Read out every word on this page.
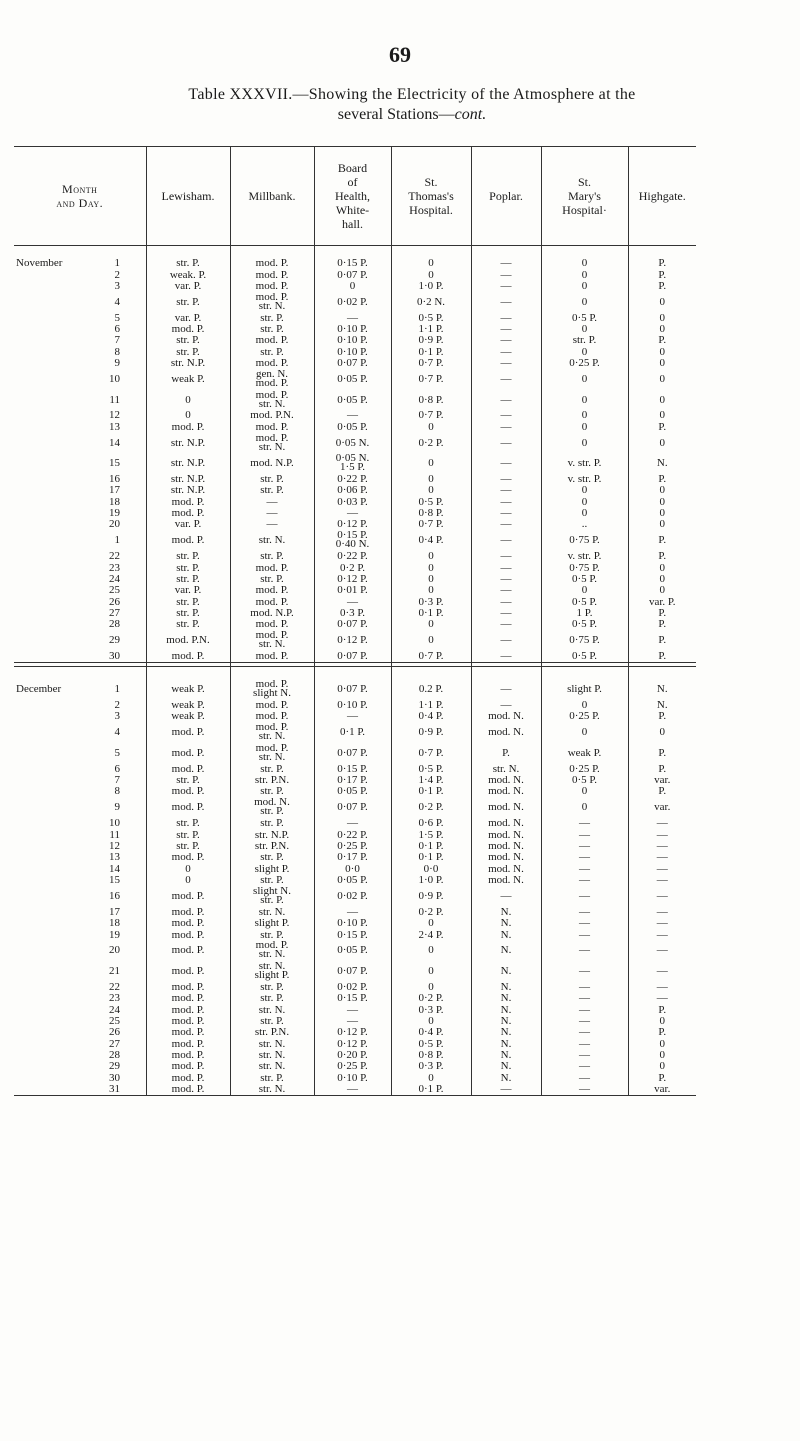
69
Table XXXVII.—Showing the Electricity of the Atmosphere at the
several Stations—cont.
Month
and Day.	Lewisham.	Millbank.	Board
of
Health,
White-
hall.	St.
Thomas's
Hospital.	Poplar.	St.
Mary's
Hospital·	Highgate.

November 1	str. P.	mod. P.	0·15 P.	0	—	0	P.
2	weak. P.	mod. P.	0·07 P.	0	—	0	P.
3	var. P.	mod. P.	0	1·0 P.	—	0	P.
4	str. P.	mod. P.
str. N.	0·02 P.	0·2 N.	—	0	0
5	var. P.	str. P.	—	0·5 P.	—	0·5 P.	0
6	mod. P.	str. P.	0·10 P.	1·1 P.	—	0	0
7	str. P.	mod. P.	0·10 P.	0·9 P.	—	str. P.	P.
8	str. P.	str. P.	0·10 P.	0·1 P.	—	0	0
9	str. N.P.	mod. P.	0·07 P.	0·7 P.	—	0·25 P.	0
10	weak P.	gen. N.
mod. P.	0·05 P.	0·7 P.	—	0	0
11	0	mod. P.
str. N.	0·05 P.	0·8 P.	—	0	0
12	0	mod. P.N.	—	0·7 P.	—	0	0
13	mod. P.	mod. P.	0·05 P.	0	—	0	P.
14	str. N.P.	mod. P.
str. N.	0·05 N.	0·2 P.	—	0	0
15	str. N.P.	mod. N.P.	0·05 N.
1·5 P.	0	—	v. str. P.	N.
16	str. N.P.	str. P.	0·22 P.	0	—	v. str. P.	P.
17	str. N.P.	str. P.	0·06 P.	0	—	0	0
18	mod. P.	—	0·03 P.	0·5 P.	—	0	0
19	mod. P.	—	—	0·8 P.	—	0	0
20	var. P.	—	0·12 P.	0·7 P.	—	..	0
1	mod. P.	str. N.	0·15 P.
0·40 N.	0·4 P.	—	0·75 P.	P.
22	str. P.	str. P.	0·22 P.	0	—	v. str. P.	P.
23	str. P.	mod. P.	0·2 P.	0	—	0·75 P.	0
24	str. P.	str. P.	0·12 P.	0	—	0·5 P.	0
25	var. P.	mod. P.	0·01 P.	0	—	0	0
26	str. P.	mod. P.	—	0·3 P.	—	0·5 P.	var. P.
27	str. P.	mod. N.P.	0·3 P.	0·1 P.	—	1 P.	P.
28	str. P.	mod. P.	0·07 P.	0	—	0·5 P.	P.
29	mod. P.N.	mod. P.
str. N.	0·12 P.	0	—	0·75 P.	P.
30	mod. P.	mod. P.	0·07 P.	0·7 P.	—	0·5 P.	P.

December 1	weak P.	mod. P.
slight N.	0·07 P.	0.2 P.	—	slight P.	N.
2	weak P.	mod. P.	0·10 P.	1·1 P.	—	0	N.
3	weak P.	mod. P.	—	0·4 P.	mod. N.	0·25 P.	P.
4	mod. P.	mod. P.
str. N.	0·1 P.	0·9 P.	mod. N.	0	0
5	mod. P.	mod. P.
str. N.	0·07 P.	0·7 P.	P.	weak P.	P.
6	mod. P.	str. P.	0·15 P.	0·5 P.	str. N.	0·25 P.	P.
7	str. P.	str. P.N.	0·17 P.	1·4 P.	mod. N.	0·5 P.	var.
8	mod. P.	str. P.	0·05 P.	0·1 P.	mod. N.	0	P.
9	mod. P.	mod. N.
str. P.	0·07 P.	0·2 P.	mod. N.	0	var.
10	str. P.	str. P.	—	0·6 P.	mod. N.	—	—
11	str. P.	str. N.P.	0·22 P.	1·5 P.	mod. N.	—	—
12	str. P.	str. P.N.	0·25 P.	0·1 P.	mod. N.	—	—
13	mod. P.	str. P.	0·17 P.	0·1 P.	mod. N.	—	—
14	0	slight P.	0·0	0·0	mod. N.	—	—
15	0	str. P.	0·05 P.	1·0 P.	mod. N.	—	—
16	mod. P.	slight N.
str. P.	0·02 P.	0·9 P.	—	—	—
17	mod. P.	str. N.	—	0·2 P.	N.	—	—
18	mod. P.	slight P.	0·10 P.	0	N.	—	—
19	mod. P.	str. P.	0·15 P.	2·4 P.	N.	—	—
20	mod. P.	mod. P.
str. N.	0·05 P.	0	N.	—	—
21	mod. P.	str. N.
slight P.	0·07 P.	0	N.	—	—
22	mod. P.	str. P.	0·02 P.	0	N.	—	—
23	mod. P.	str. P.	0·15 P.	0·2 P.	N.	—	—
24	mod. P.	str. N.	—	0·3 P.	N.	—	P.
25	mod. P.	str. P.	—	0	N.	—	0
26	mod. P.	str. P.N.	0·12 P.	0·4 P.	N.	—	P.
27	mod. P.	str. N.	0·12 P.	0·5 P.	N.	—	0
28	mod. P.	str. N.	0·20 P.	0·8 P.	N.	—	0
29	mod. P.	str. N.	0·25 P.	0·3 P.	N.	—	0
30	mod. P.	str. P.	0·10 P.	0	N.	—	P.
31	mod. P.	str. N.	—	0·1 P.	—	—	var.
